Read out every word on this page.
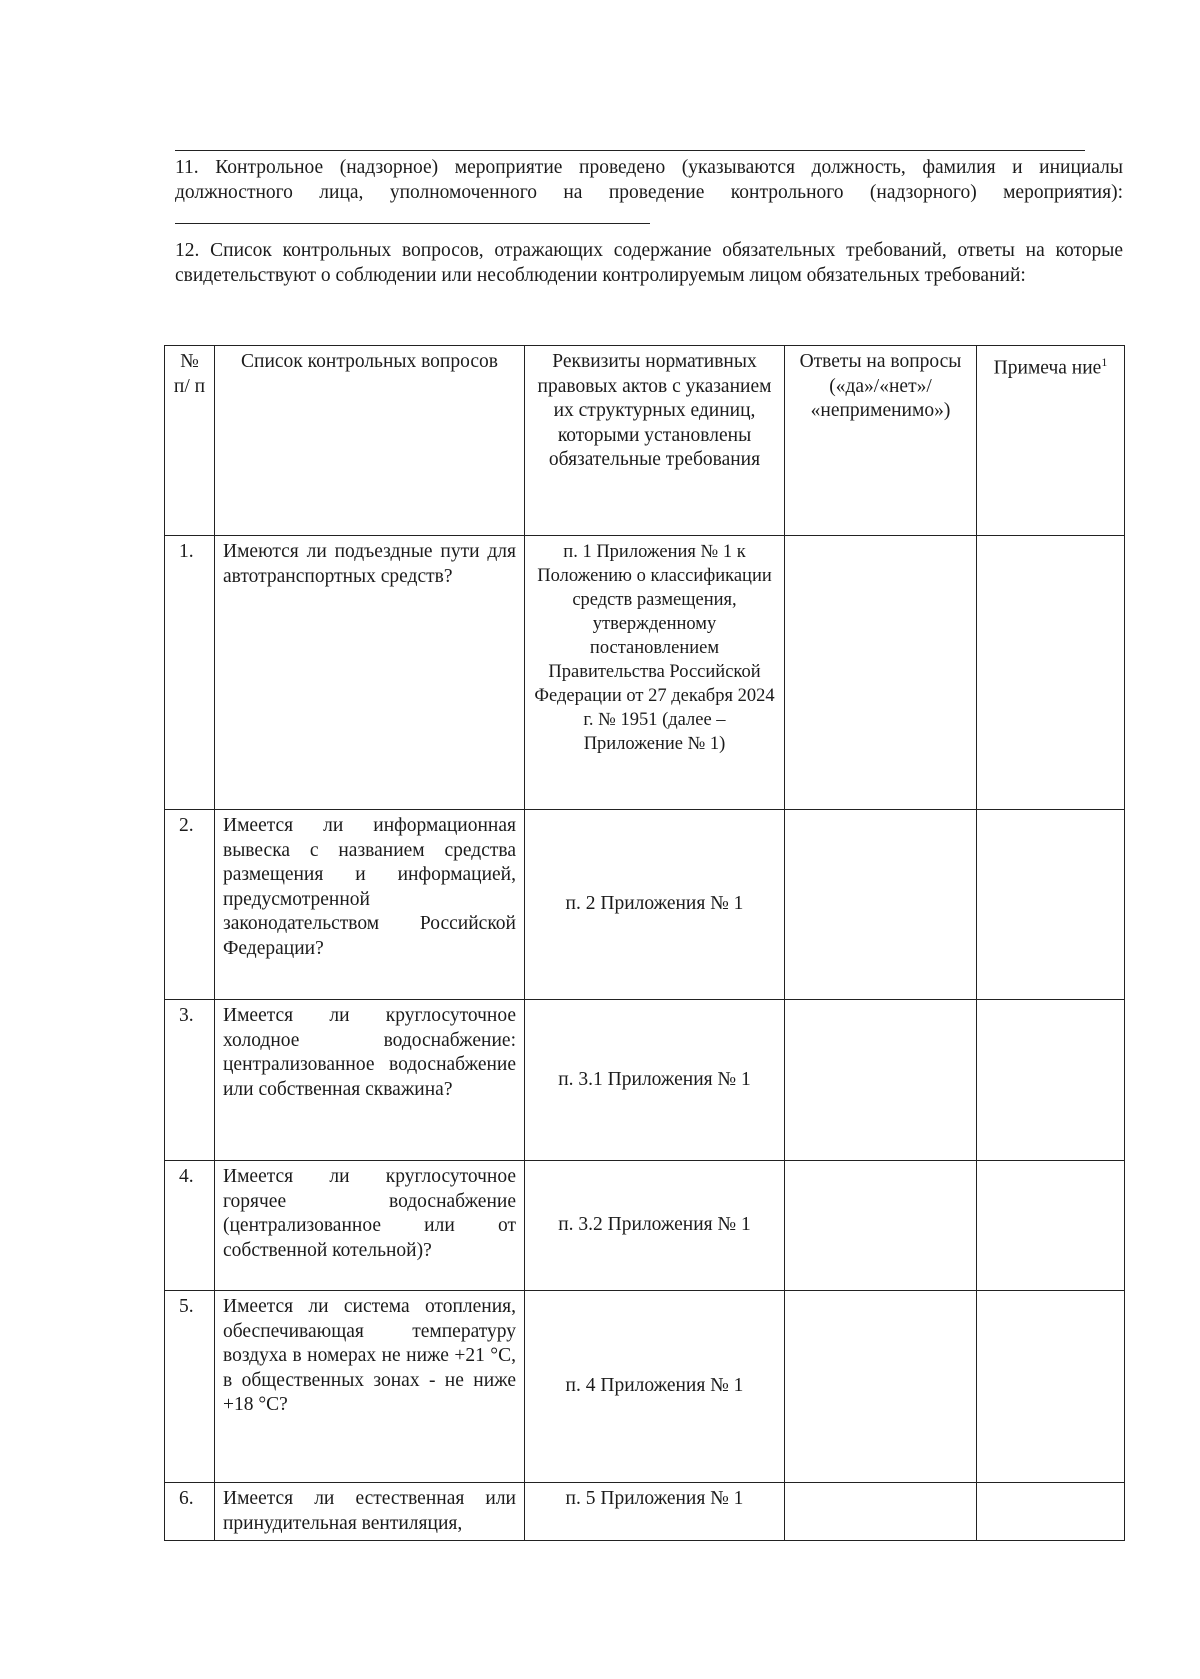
11. Контрольное (надзорное) мероприятие проведено (указываются должность, фамилия и инициалы должностного лица, уполномоченного на проведение контрольного (надзорного) мероприятия):
12. Список контрольных вопросов, отражающих содержание обязательных требований, ответы на которые свидетельствуют о соблюдении или несоблюдении контролируемым лицом обязательных требований:
№ п/ п	Список контрольных вопросов	Реквизиты нормативных правовых актов с указанием их структурных единиц, которыми установлены обязательные требования	Ответы на вопросы («да»/«нет»/ «неприменимо»)	Примеча ние$^1$
1.	Имеются ли подъездные пути для автотранспортных средств?	п. 1 Приложения № 1 к Положению о классификации средств размещения, утвержденному постановлением Правительства Российской Федерации от 27 декабря 2024 г. № 1951 (далее – Приложение № 1)		
2.	Имеется ли информационная вывеска с названием средства размещения и информацией, предусмотренной законодательством Российской Федерации?	п. 2 Приложения № 1		
3.	Имеется ли круглосуточное холодное водоснабжение: централизованное водоснабжение или собственная скважина?	п. 3.1 Приложения № 1		
4.	Имеется ли круглосуточное горячее водоснабжение (централизованное или от собственной котельной)?	п. 3.2 Приложения № 1		
5.	Имеется ли система отопления, обеспечивающая температуру воздуха в номерах не ниже +21 °C, в общественных зонах - не ниже +18 °C?	п. 4 Приложения № 1		
6.	Имеется ли естественная или принудительная вентиляция,	п. 5 Приложения № 1		
